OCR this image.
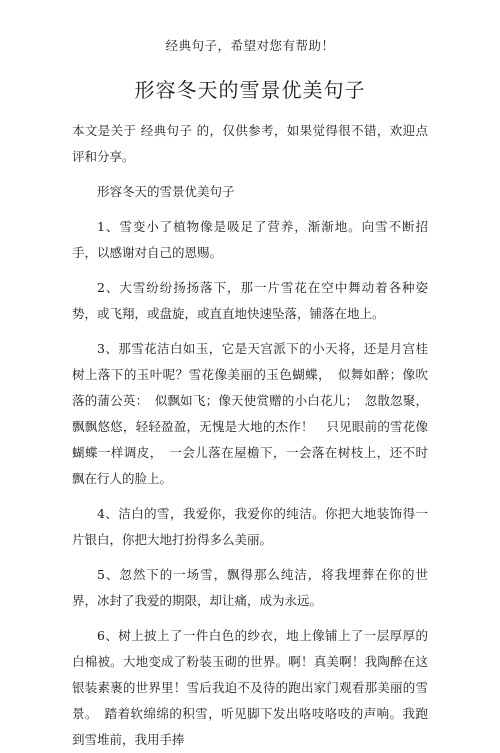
经典句子，希望对您有帮助！
形容冬天的雪景优美句子

本文是关于 经典句子 的，仅供参考，如果觉得很不错，欢迎点评和分享。

形容冬天的雪景优美句子

1、雪变小了植物像是吸足了营养，渐渐地。向雪不断招手，以感谢对自己的恩赐。

2、大雪纷纷扬扬落下，那一片雪花在空中舞动着各种姿势，或飞翔，或盘旋，或直直地快速坠落，铺落在地上。

3、那雪花洁白如玉，它是天宫派下的小天将，还是月宫桂树上落下的玉叶呢？雪花像美丽的玉色蝴蝶，　似舞如醉；像吹落的蒲公英：　似飘如飞；像天使赏赠的小白花儿；　忽散忽聚，飘飘悠悠，轻轻盈盈，无愧是大地的杰作！　只见眼前的雪花像蝴蝶一样调皮，　一会儿落在屋檐下，一会落在树枝上，还不时飘在行人的脸上。

4、洁白的雪，我爱你，我爱你的纯洁。你把大地装饰得一片银白，你把大地打扮得多么美丽。

5、忽然下的一场雪，飘得那么纯洁，将我埋葬在你的世界，冰封了我爱的期限，却让痛，成为永远。

6、树上披上了一件白色的纱衣，地上像铺上了一层厚厚的白棉被。大地变成了粉装玉砌的世界。啊！真美啊！我陶醉在这银装素裹的世界里！雪后我迫不及待的跑出家门观看那美丽的雪景。　踏着软绵绵的积雪，听见脚下发出咯吱咯吱的声响。我跑到雪堆前，我用手捧
